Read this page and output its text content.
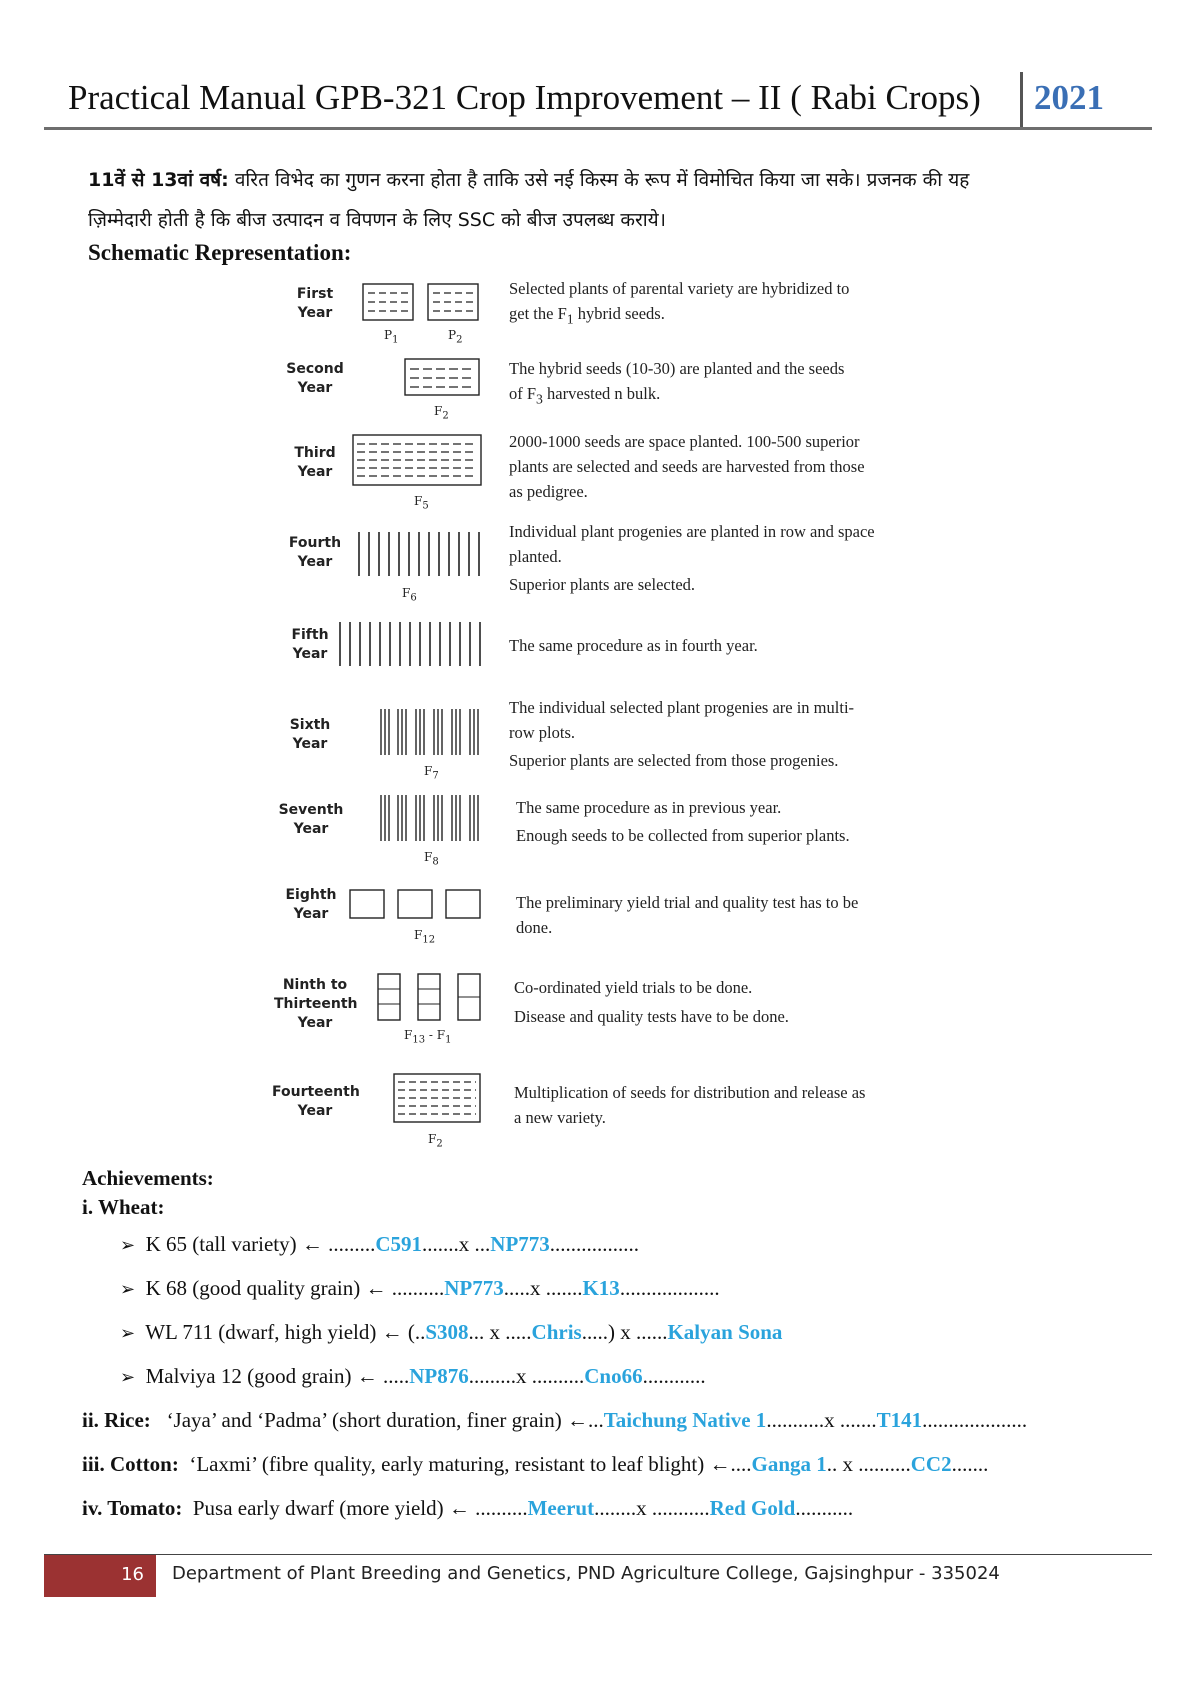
Practical Manual GPB-321 Crop Improvement – II ( Rabi Crops) 2021
11वें से 13वां वर्ष: वरित विभेद का गुणन करना होता है ताकि उसे नई किस्म के रूप में विमोचित किया जा सके। प्रजनक की यह
ज़िम्मेदारी होती है कि बीज उत्पादन व विपणन के लिए SSC को बीज उपलब्ध कराये।
Schematic Representation:
First
Year
$P_1$	$P_2$
Selected plants of parental variety are hybridized to
get the $F_1$ hybrid seeds.
Second
Year
$F_2$
The hybrid seeds (10-30) are planted and the seeds
of $F_3$ harvested n bulk.
Third
Year
$F_5$
2000-1000 seeds are space planted. 100-500 superior
plants are selected and seeds are harvested from those
as pedigree.
Fourth
Year
$F_6$
Individual plant progenies are planted in row and space
planted.
Superior plants are selected.
Fifth
Year	The same procedure as in fourth year.
Sixth
Year
$F_7$
The individual selected plant progenies are in multi-
row plots.
Superior plants are selected from those progenies.
Seventh
Year
$F_8$
The same procedure as in previous year.
Enough seeds to be collected from superior plants.
Eighth
Year
$F_{12}$
The preliminary yield trial and quality test has to be
done.
Ninth to
Thirteenth
Year
$F_{13} - F_1$
Co-ordinated yield trials to be done.
Disease and quality tests have to be done.
Fourteenth
Year
$F_2$
Multiplication of seeds for distribution and release as
a new variety.
Achievements:
i. Wheat:
➢ K 65 (tall variety) ← .........C591.......x ...NP773.................
➢ K 68 (good quality grain) ← ..........NP773.....x .......K13...................
➢ WL 711 (dwarf, high yield) ← (..S308... x .....Chris.....) x ......Kalyan Sona
➢ Malviya 12 (good grain) ← .....NP876.........x ..........Cno66............
ii. Rice: ‘Jaya’ and ‘Padma’ (short duration, finer grain) ←...Taichung Native 1...........x .......T141....................
iii. Cotton: ‘Laxmi’ (fibre quality, early maturing, resistant to leaf blight) ←....Ganga 1.. x ..........CC2.......
iv. Tomato: Pusa early dwarf (more yield) ← ..........Meerut........x ...........Red Gold...........
16	Department of Plant Breeding and Genetics, PND Agriculture College, Gajsinghpur - 335024
